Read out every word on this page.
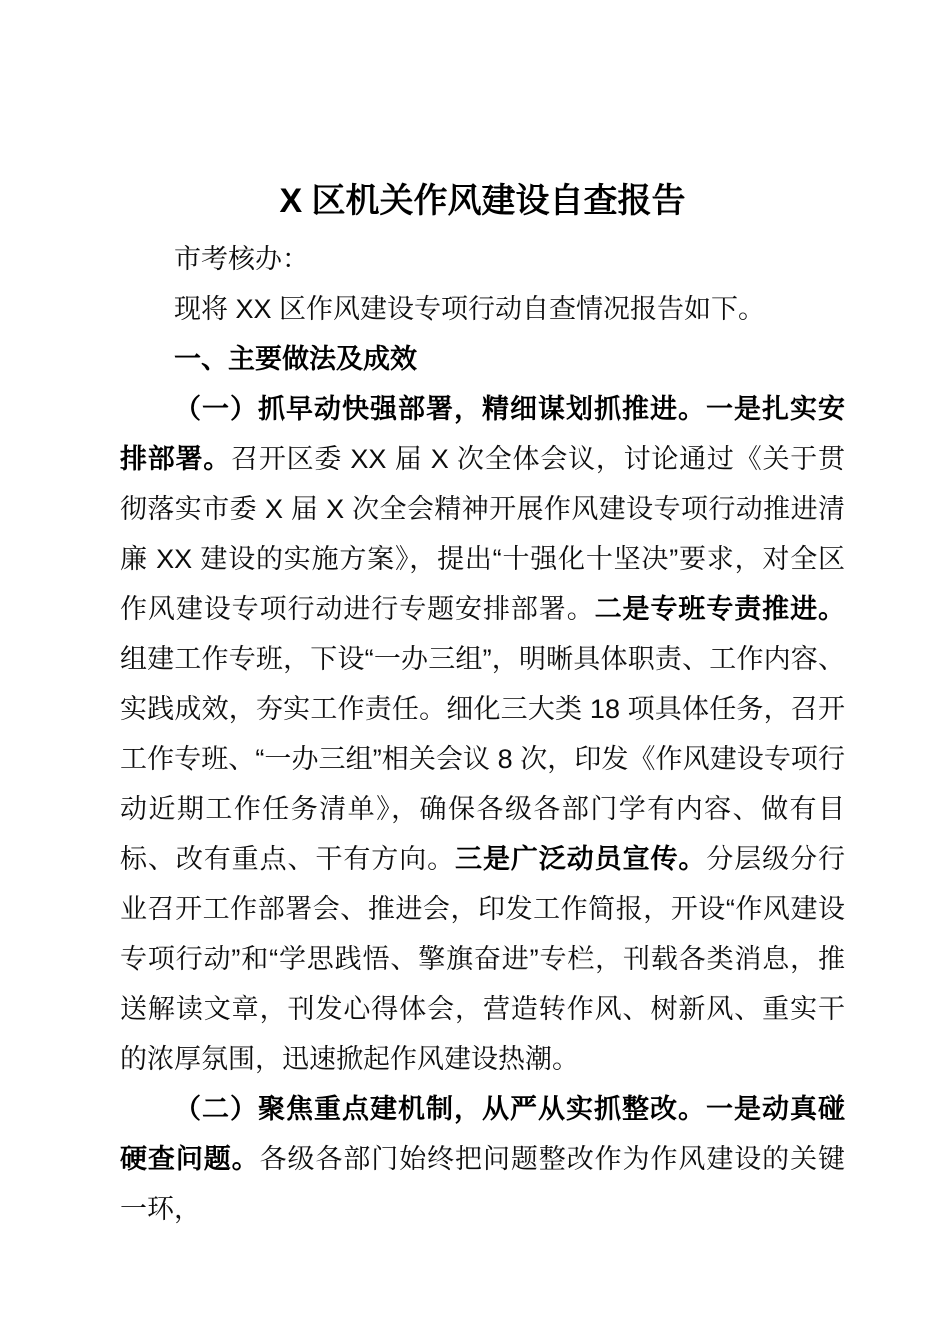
X 区机关作风建设自查报告

市考核办：

现将 XX 区作风建设专项行动自查情况报告如下。

一、主要做法及成效

（一）抓早动快强部署，精细谋划抓推进。一是扎实安排部署。召开区委 XX 届 X 次全体会议，讨论通过《关于贯彻落实市委 X 届 X 次全会精神开展作风建设专项行动推进清廉 XX 建设的实施方案》，提出“十强化十坚决”要求，对全区作风建设专项行动进行专题安排部署。二是专班专责推进。组建工作专班，下设“一办三组”，明晰具体职责、工作内容、实践成效，夯实工作责任。细化三大类 18 项具体任务，召开工作专班、“一办三组”相关会议 8 次，印发《作风建设专项行动近期工作任务清单》，确保各级各部门学有内容、做有目标、改有重点、干有方向。三是广泛动员宣传。分层级分行业召开工作部署会、推进会，印发工作简报，开设“作风建设专项行动”和“学思践悟、擎旗奋进”专栏，刊载各类消息，推送解读文章，刊发心得体会，营造转作风、树新风、重实干的浓厚氛围，迅速掀起作风建设热潮。

（二）聚焦重点建机制，从严从实抓整改。一是动真碰硬查问题。各级各部门始终把问题整改作为作风建设的关键一环，
